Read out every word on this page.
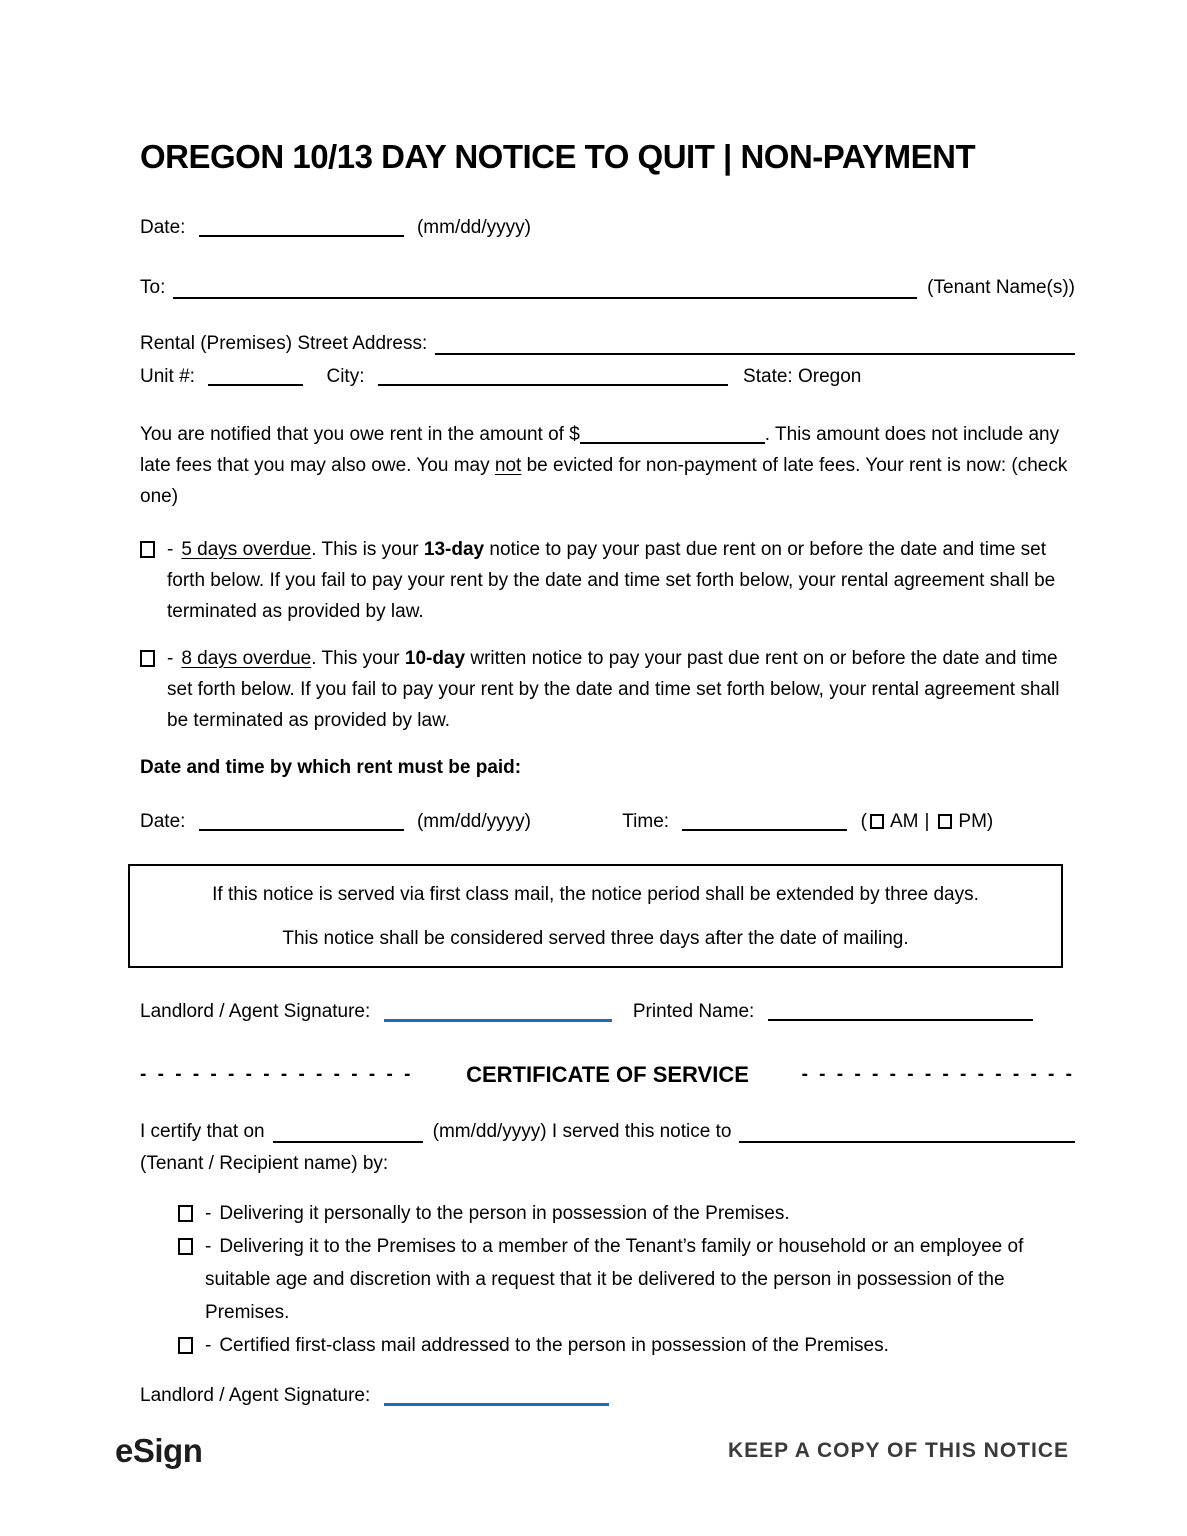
OREGON 10/13 DAY NOTICE TO QUIT | NON-PAYMENT
Date:	(mm/dd/yyyy)
To:	(Tenant Name(s))
Rental (Premises) Street Address:
Unit #:	City:	State: Oregon

You are notified that you owe rent in the amount of $	. This amount does not include any late fees that you may also owe. You may not be evicted for non-payment of late fees. Your rent is now: (check one)

- 5 days overdue. This is your 13-day notice to pay your past due rent on or before the date and time set forth below. If you fail to pay your rent by the date and time set forth below, your rental agreement shall be terminated as provided by law.
- 8 days overdue. This your 10-day written notice to pay your past due rent on or before the date and time set forth below. If you fail to pay your rent by the date and time set forth below, your rental agreement shall be terminated as provided by law.
Date and time by which rent must be paid:
Date:	(mm/dd/yyyy)	Time:	( AM | PM)
If this notice is served via first class mail, the notice period shall be extended by three days.
This notice shall be considered served three days after the date of mailing.
Landlord / Agent Signature:	Printed Name:
- - - - - - - - - - - - - - - - CERTIFICATE OF SERVICE	- - - - - - - - - - - - - - - -
I certify that on	(mm/dd/yyyy) I served this notice to
(Tenant / Recipient name) by:
- Delivering it personally to the person in possession of the Premises.
- Delivering it to the Premises to a member of the Tenant’s family or household or an employee of suitable age and discretion with a request that it be delivered to the person in possession of the Premises.
- Certified first-class mail addressed to the person in possession of the Premises.
Landlord / Agent Signature:
eSign	KEEP A COPY OF THIS NOTICE
